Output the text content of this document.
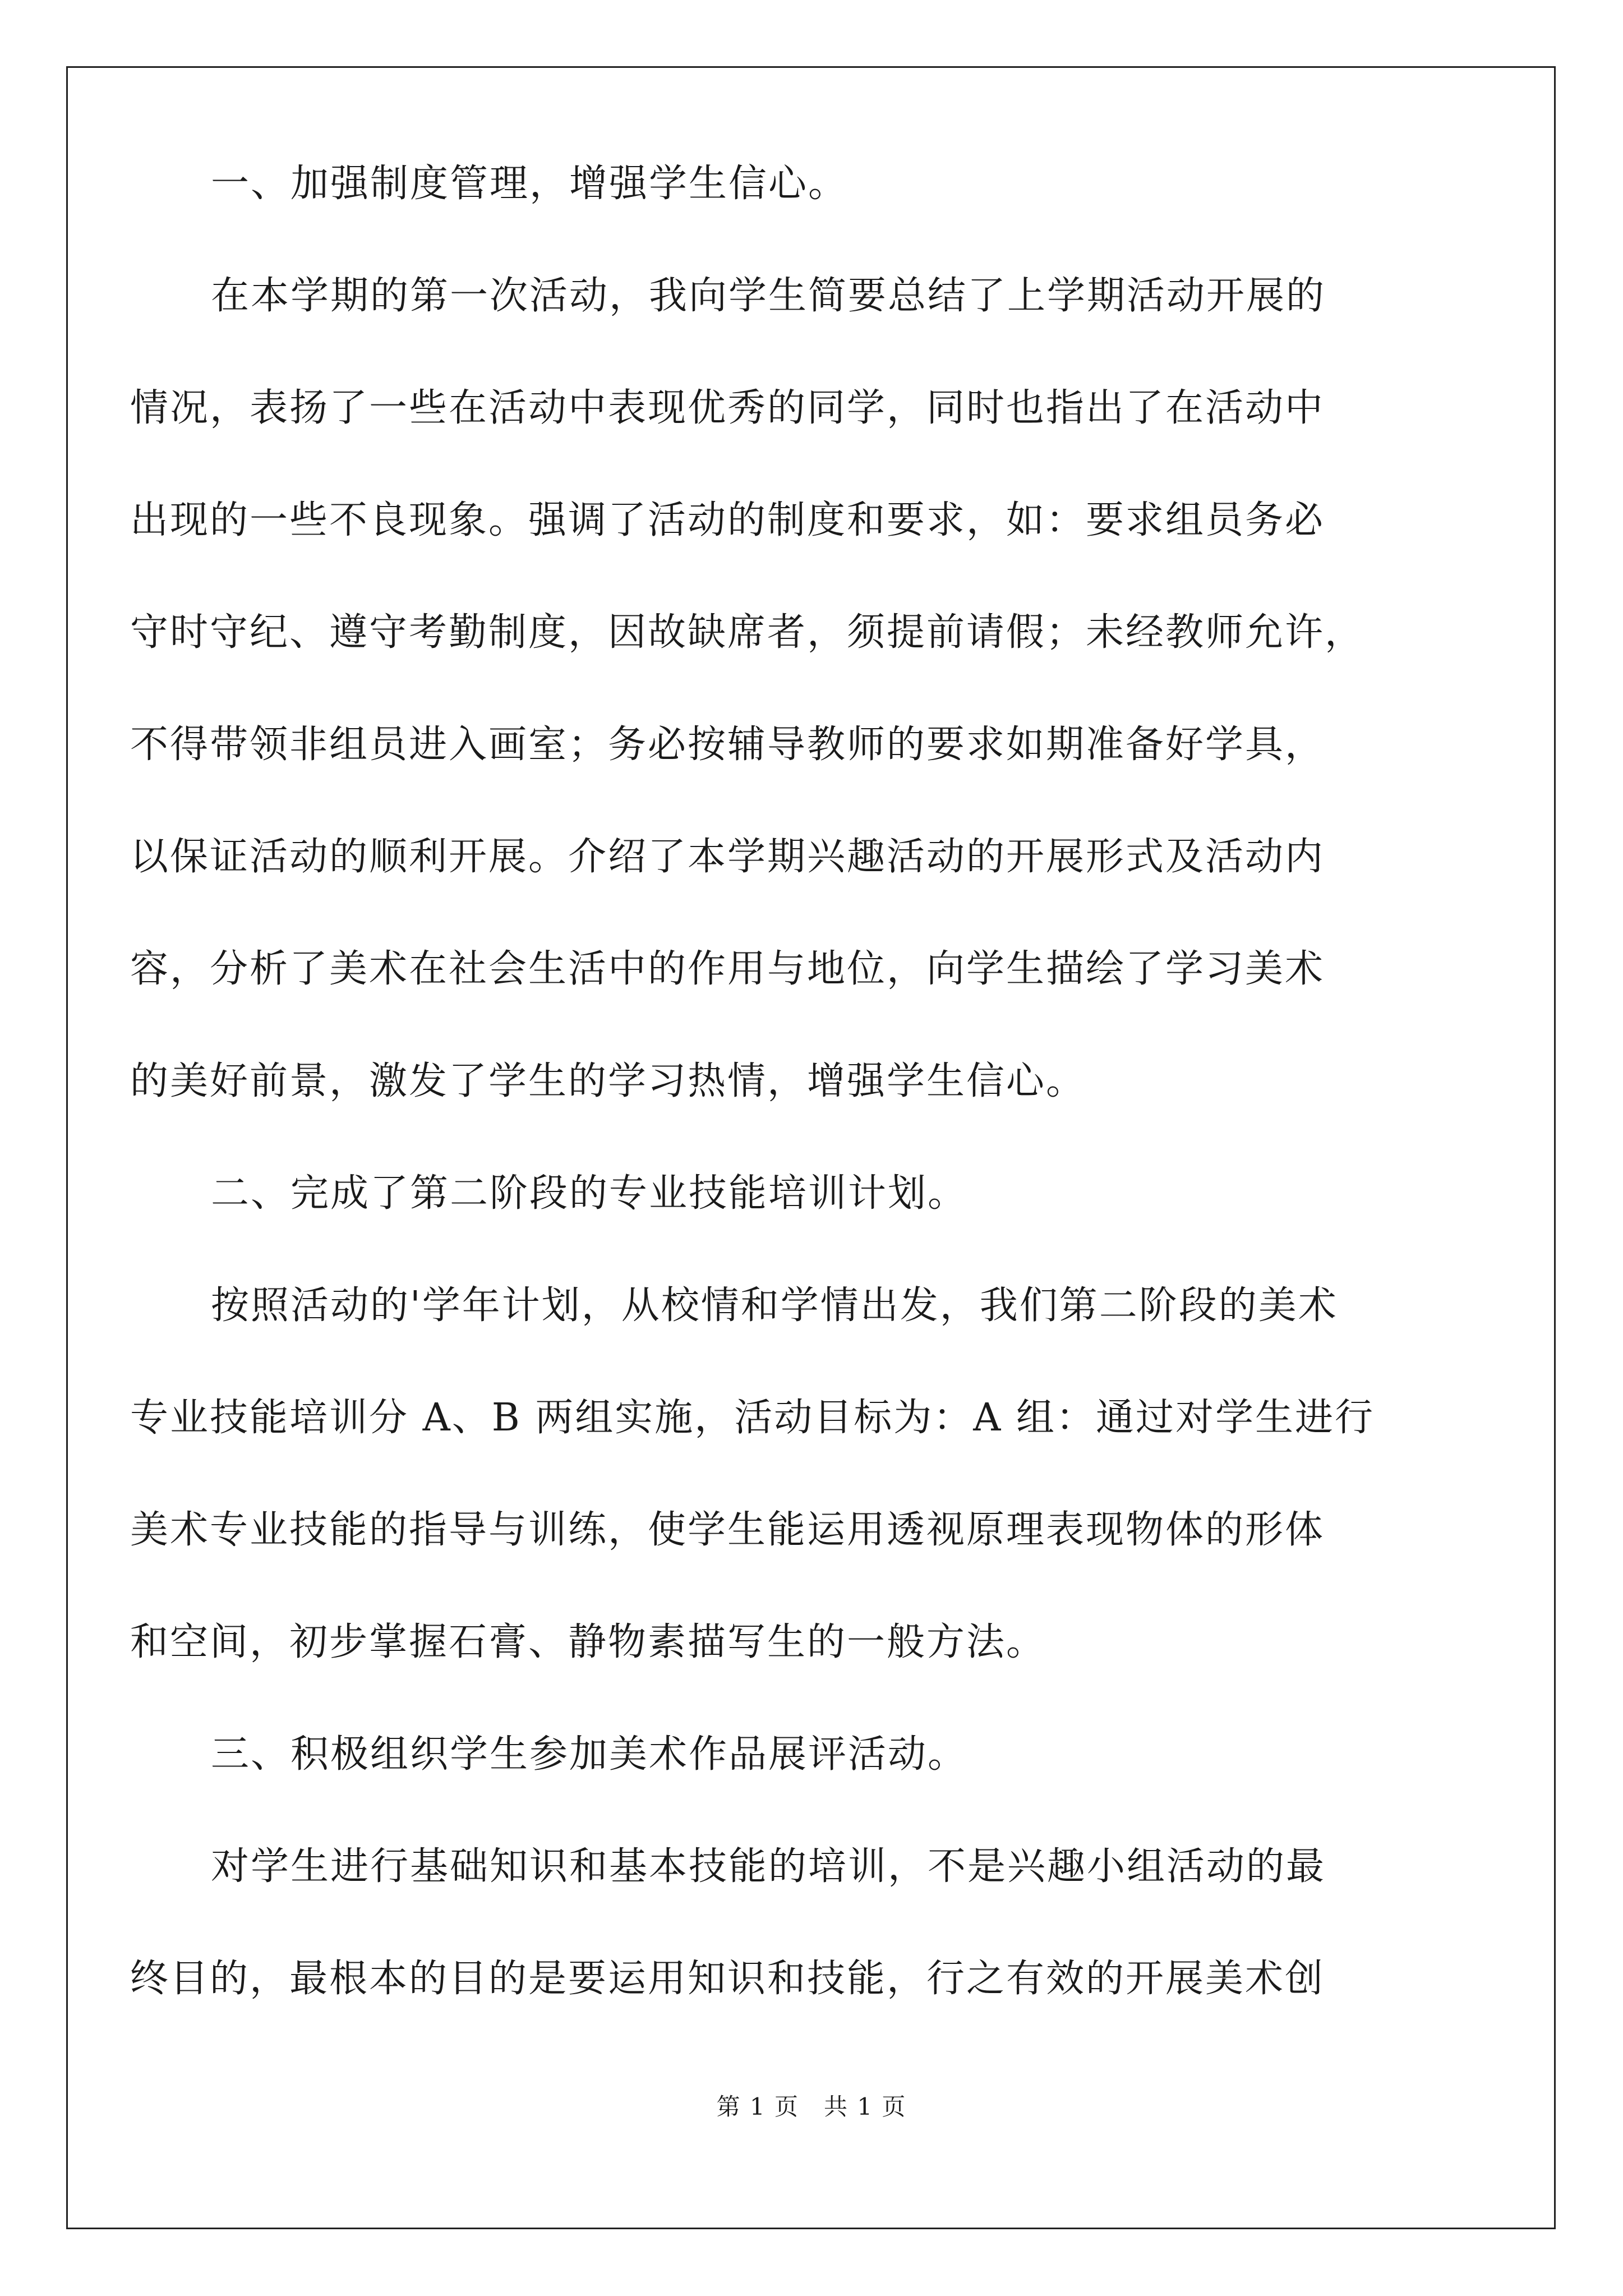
一、加强制度管理，增强学生信心。
在本学期的第一次活动，我向学生简要总结了上学期活动开展的
情况，表扬了一些在活动中表现优秀的同学，同时也指出了在活动中
出现的一些不良现象。强调了活动的制度和要求，如：要求组员务必
守时守纪、遵守考勤制度，因故缺席者，须提前请假；未经教师允许，
不得带领非组员进入画室；务必按辅导教师的要求如期准备好学具，
以保证活动的顺利开展。介绍了本学期兴趣活动的开展形式及活动内
容，分析了美术在社会生活中的作用与地位，向学生描绘了学习美术
的美好前景，激发了学生的学习热情，增强学生信心。
二、完成了第二阶段的专业技能培训计划。
按照活动的'学年计划，从校情和学情出发，我们第二阶段的美术
专业技能培训分 A、B 两组实施，活动目标为：A 组：通过对学生进行
美术专业技能的指导与训练，使学生能运用透视原理表现物体的形体
和空间，初步掌握石膏、静物素描写生的一般方法。
三、积极组织学生参加美术作品展评活动。
对学生进行基础知识和基本技能的培训，不是兴趣小组活动的最
终目的，最根本的目的是要运用知识和技能，行之有效的开展美术创
第 1 页　共 1 页
